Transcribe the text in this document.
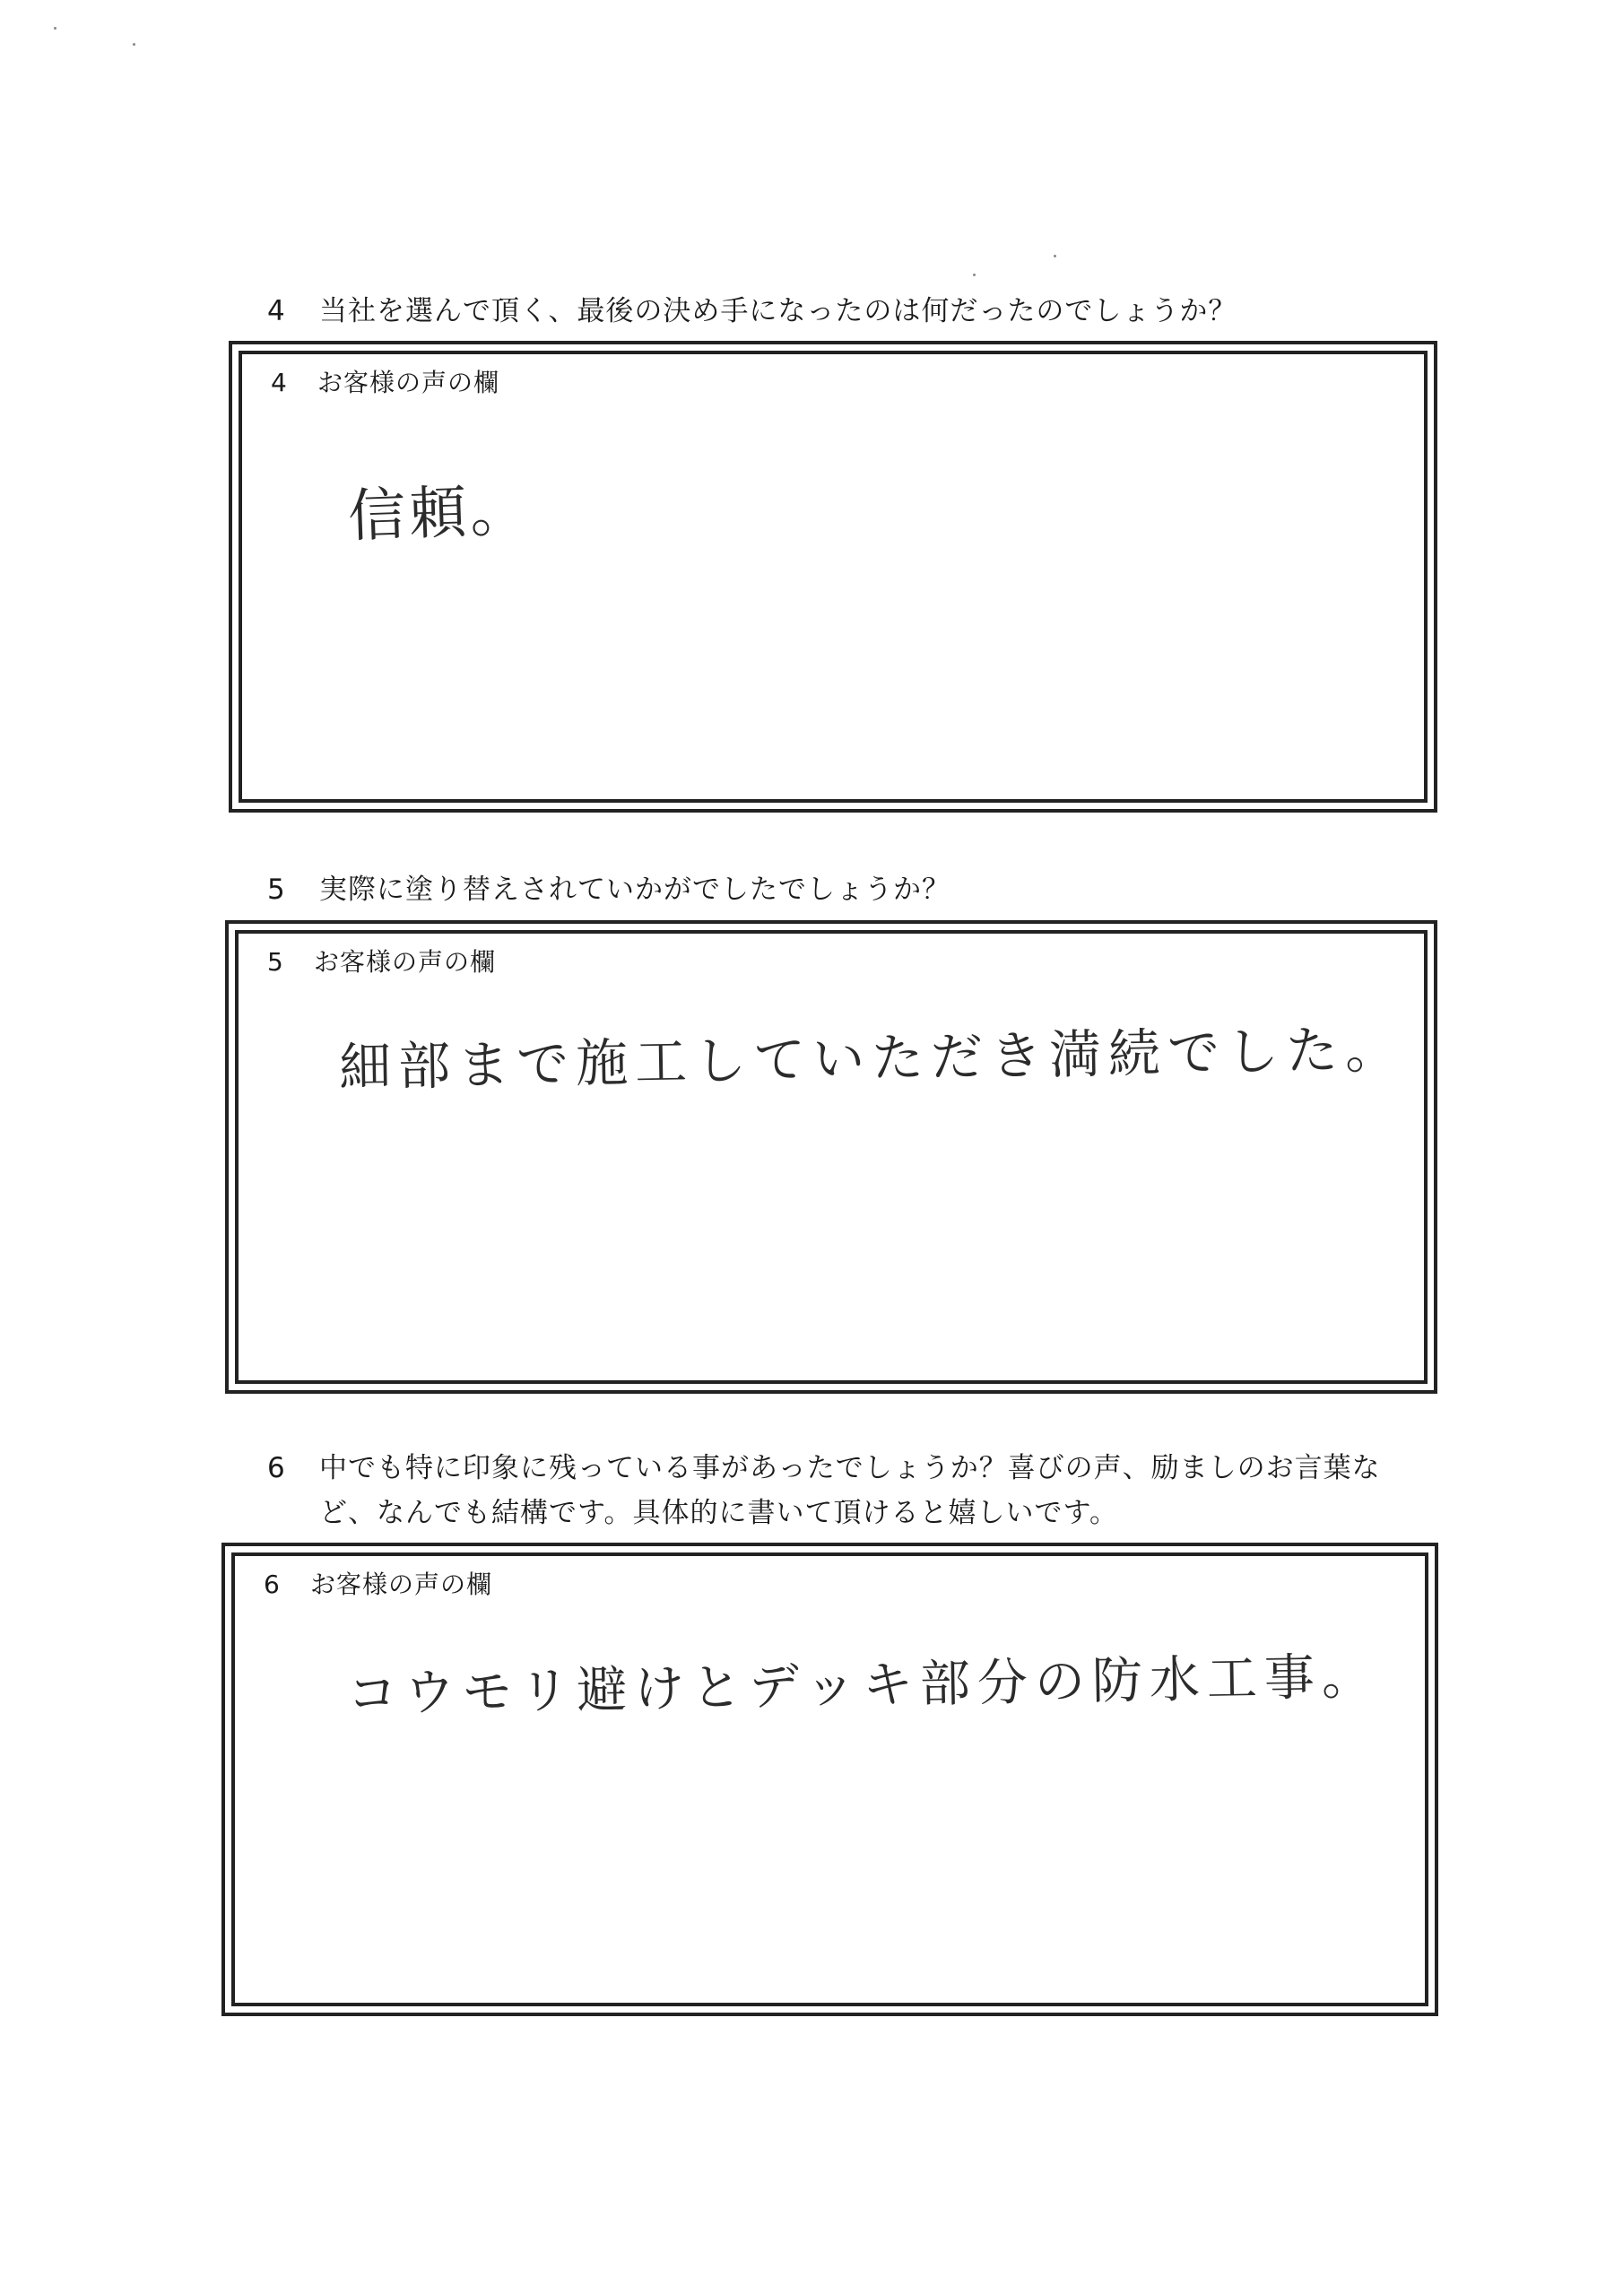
4 当社を選んで頂く、最後の決め手になったのは何だったのでしょうか？
4 お客様の声の欄
信頼。
5 実際に塗り替えされていかがでしたでしょうか？
5 お客様の声の欄
細部まで施工していただき満続でした。
6 中でも特に印象に残っている事があったでしょうか？喜びの声、励ましのお言葉な
ど、なんでも結構です。具体的に書いて頂けると嬉しいです。
6 お客様の声の欄
コウモリ避けとデッキ部分の防水工事。
